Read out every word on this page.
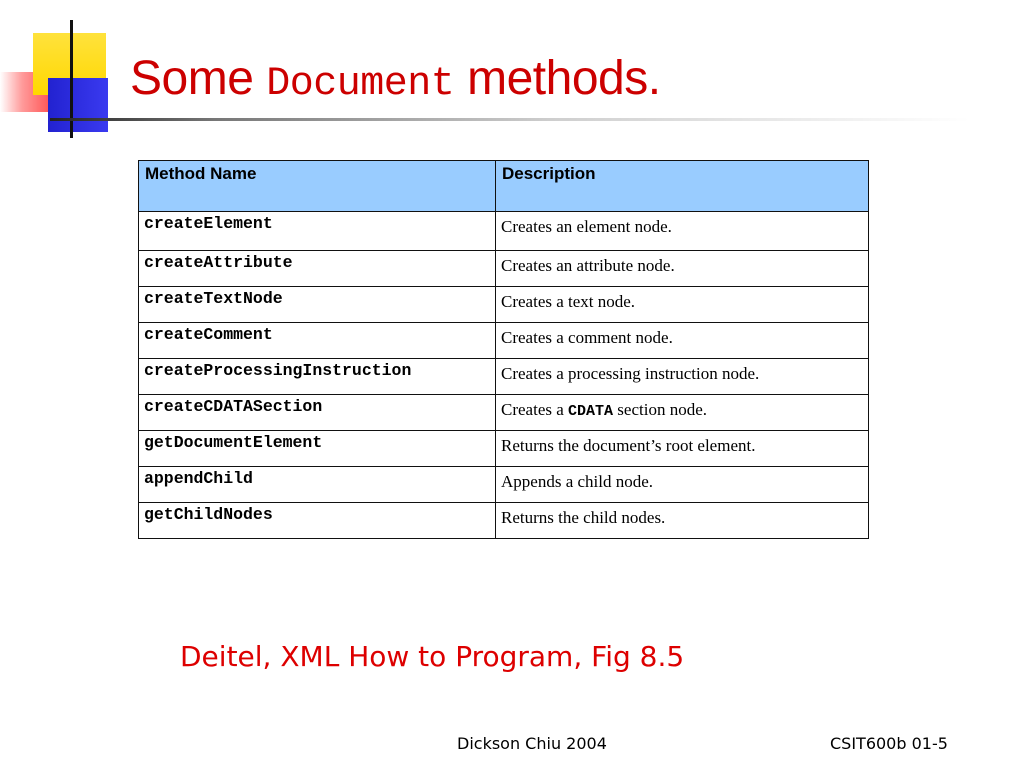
Some Document methods.
Method Name	Description
createElement	Creates an element node.
createAttribute	Creates an attribute node.
createTextNode	Creates a text node.
createComment	Creates a comment node.
createProcessingInstruction	Creates a processing instruction node.
createCDATASection	Creates a CDATA section node.
getDocumentElement	Returns the document’s root element.
appendChild	Appends a child node.
getChildNodes	Returns the child nodes.
Deitel, XML How to Program, Fig 8.5
Dickson Chiu 2004	CSIT600b 01-5
